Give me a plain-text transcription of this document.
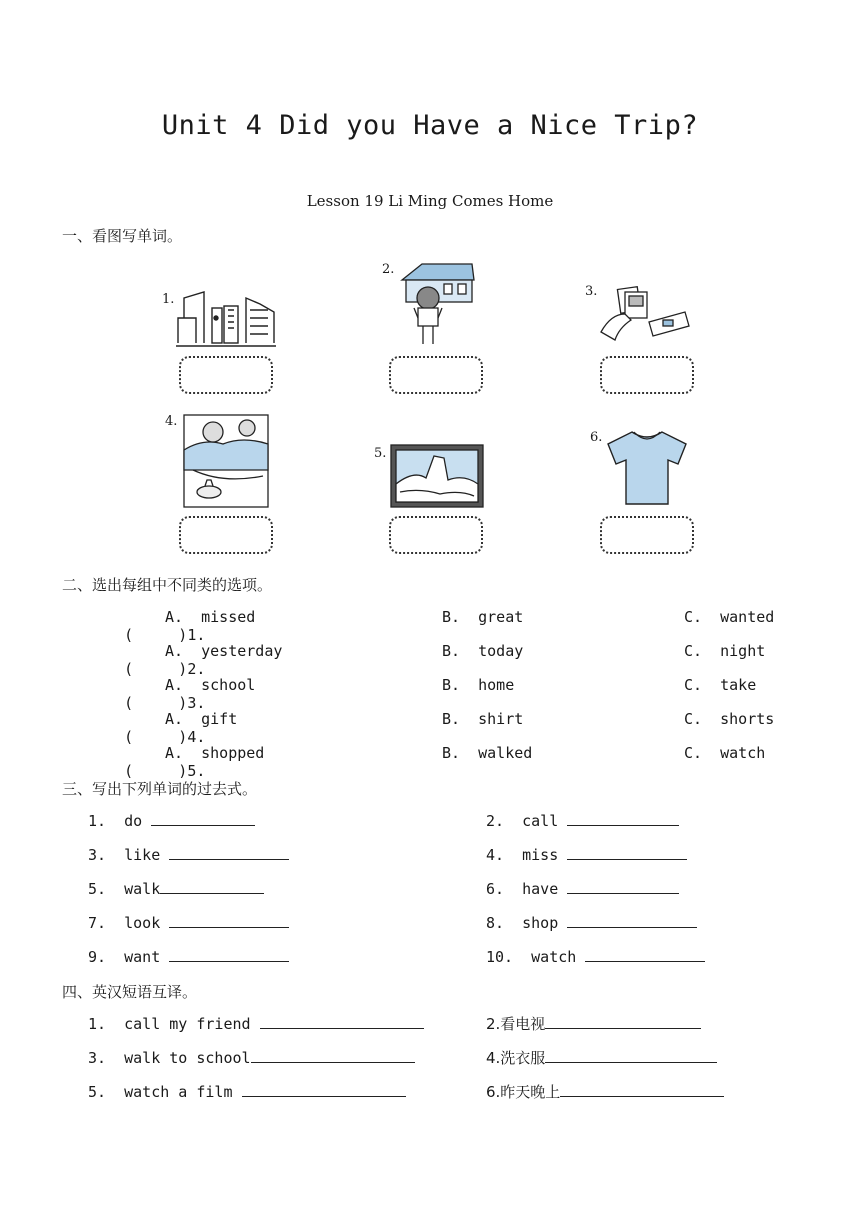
Unit 4 Did you Have a Nice Trip?
Lesson 19 Li Ming Comes Home
一、看图写单词。
1.
2.
3.
4.
5.
6.
二、选出每组中不同类的选项。

(     )1.

A.  missed	B.  great	C.  wanted

(     )2.

A.  yesterday	B.  today	C.  night

(     )3.

A.  school	B.  home	C.  take

(     )4.

A.  gift	B.  shirt	C.  shorts

(     )5.

A.  shopped	B.  walked	C.  watch
三、写出下列单词的过去式。
1.  do	2.  call
3.  like	4.  miss
5.  walk	6.  have
7.  look	8.  shop
9.  want	10.  watch
四、英汉短语互译。
1.  call my friend	2.看电视
3.  walk to school	4.洗衣服
5.  watch a film	6.昨天晚上
